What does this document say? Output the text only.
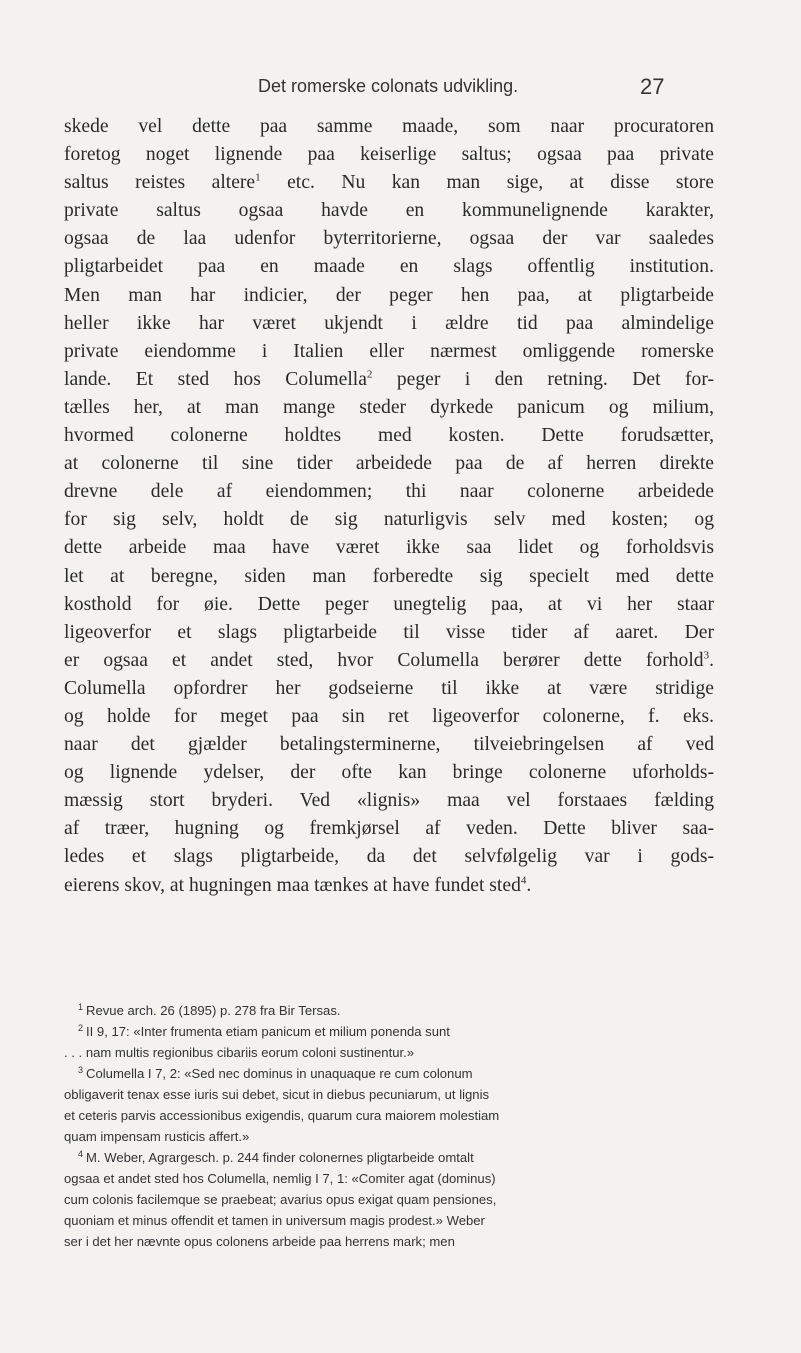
Det romerske colonats udvikling.	27
skede vel dette paa samme maade, som naar procuratoren
foretog noget lignende paa keiserlige saltus; ogsaa paa private
saltus reistes altere$^1$ etc. Nu kan man sige, at disse store
private saltus ogsaa havde en kommunelignende karakter,
ogsaa de laa udenfor byterritorierne, ogsaa der var saaledes
pligtarbeidet paa en maade en slags offentlig institution.
Men man har indicier, der peger hen paa, at pligtarbeide
heller ikke har været ukjendt i ældre tid paa almindelige
private eiendomme i Italien eller nærmest omliggende romerske
lande. Et sted hos Columella$^2$ peger i den retning. Det for-
tælles her, at man mange steder dyrkede panicum og milium,
hvormed colonerne holdtes med kosten. Dette forudsætter,
at colonerne til sine tider arbeidede paa de af herren direkte
drevne dele af eiendommen; thi naar colonerne arbeidede
for sig selv, holdt de sig naturligvis selv med kosten; og
dette arbeide maa have været ikke saa lidet og forholdsvis
let at beregne, siden man forberedte sig specielt med dette
kosthold for øie. Dette peger unegtelig paa, at vi her staar
ligeoverfor et slags pligtarbeide til visse tider af aaret. Der
er ogsaa et andet sted, hvor Columella berører dette forhold$^3$.
Columella opfordrer her godseierne til ikke at være stridige
og holde for meget paa sin ret ligeoverfor colonerne, f. eks.
naar det gjælder betalingsterminerne, tilveiebringelsen af ved
og lignende ydelser, der ofte kan bringe colonerne uforholds-
mæssig stort bryderi. Ved «lignis» maa vel forstaaes fælding
af træer, hugning og fremkjørsel af veden. Dette bliver saa-
ledes et slags pligtarbeide, da det selvfølgelig var i gods-
eierens skov, at hugningen maa tænkes at have fundet sted$^4$.
$^1$ Revue arch. 26 (1895) p. 278 fra Bir Tersas.
$^2$ II 9, 17: «Inter frumenta etiam panicum et milium ponenda sunt
. . . nam multis regionibus cibariis eorum coloni sustinentur.»
$^3$ Columella I 7, 2: «Sed nec dominus in unaquaque re cum colonum
obligaverit tenax esse iuris sui debet, sicut in diebus pecuniarum, ut lignis
et ceteris parvis accessionibus exigendis, quarum cura maiorem molestiam
quam impensam rusticis affert.»
$^4$ M. Weber, Agrargesch. p. 244 finder colonernes pligtarbeide omtalt
ogsaa et andet sted hos Columella, nemlig I 7, 1: «Comiter agat (dominus)
cum colonis facilemque se praebeat; avarius opus exigat quam pensiones,
quoniam et minus offendit et tamen in universum magis prodest.» Weber
ser i det her nævnte opus colonens arbeide paa herrens mark; men
